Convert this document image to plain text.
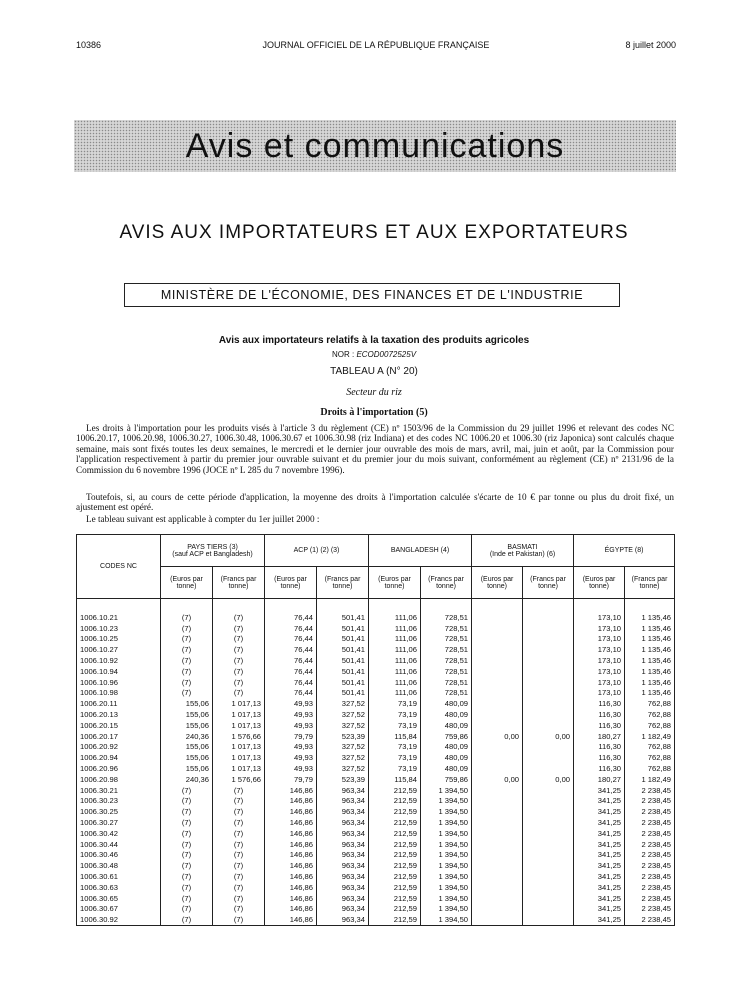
10386	JOURNAL OFFICIEL DE LA RÉPUBLIQUE FRANÇAISE	8 juillet 2000
Avis et communications
AVIS AUX IMPORTATEURS ET AUX EXPORTATEURS
MINISTÈRE DE L'ÉCONOMIE, DES FINANCES ET DE L'INDUSTRIE
Avis aux importateurs relatifs à la taxation des produits agricoles
NOR : ECOD0072525V
TABLEAU A (N° 20)
Secteur du riz
Droits à l'importation (5)

Les droits à l'importation pour les produits visés à l'article 3 du règlement (CE) nº 1503/96 de la Commission du 29 juillet 1996 et relevant des codes NC 1006.20.17, 1006.20.98, 1006.30.27, 1006.30.48, 1006.30.67 et 1006.30.98 (riz Indiana) et des codes NC 1006.20 et 1006.30 (riz Japonica) sont calculés chaque semaine, mais sont fixés toutes les deux semaines, le mercredi et le dernier jour ouvrable des mois de mars, avril, mai, juin et août, par la Commission pour l'application respectivement à partir du premier jour ouvrable suivant et du premier jour du mois suivant, conformément au règlement (CE) nº 2131/96 de la Commission du 6 novembre 1996 (JOCE nº L 285 du 7 novembre 1996).

Toutefois, si, au cours de cette période d'application, la moyenne des droits à l'importation calculée s'écarte de 10 € par tonne ou plus du droit fixé, un ajustement est opéré.

Le tableau suivant est applicable à compter du 1er juillet 2000 :

CODES NC	PAYS TIERS (3)
(sauf ACP et Bangladesh)		ACP (1) (2) (3)		BANGLADESH (4)		BASMATI
(Inde et Pakistan) (6)		ÉGYPTE (8)	
	(Euros par tonne)	(Francs par tonne)	(Euros par tonne)	(Francs par tonne)	(Euros par tonne)	(Francs par tonne)	(Euros par tonne)	(Francs par tonne)	(Euros par tonne)	(Francs par tonne)

1006.10.21	(7)	(7)	76,44	501,41	111,06	728,51			173,10	1 135,46
1006.10.23	(7)	(7)	76,44	501,41	111,06	728,51			173,10	1 135,46
1006.10.25	(7)	(7)	76,44	501,41	111,06	728,51			173,10	1 135,46
1006.10.27	(7)	(7)	76,44	501,41	111,06	728,51			173,10	1 135,46
1006.10.92	(7)	(7)	76,44	501,41	111,06	728,51			173,10	1 135,46
1006.10.94	(7)	(7)	76,44	501,41	111,06	728,51			173,10	1 135,46
1006.10.96	(7)	(7)	76,44	501,41	111,06	728,51			173,10	1 135,46
1006.10.98	(7)	(7)	76,44	501,41	111,06	728,51			173,10	1 135,46
1006.20.11	155,06	1 017,13	49,93	327,52	73,19	480,09			116,30	762,88
1006.20.13	155,06	1 017,13	49,93	327,52	73,19	480,09			116,30	762,88
1006.20.15	155,06	1 017,13	49,93	327,52	73,19	480,09			116,30	762,88
1006.20.17	240,36	1 576,66	79,79	523,39	115,84	759,86	0,00	0,00	180,27	1 182,49
1006.20.92	155,06	1 017,13	49,93	327,52	73,19	480,09			116,30	762,88
1006.20.94	155,06	1 017,13	49,93	327,52	73,19	480,09			116,30	762,88
1006.20.96	155,06	1 017,13	49,93	327,52	73,19	480,09			116,30	762,88
1006.20.98	240,36	1 576,66	79,79	523,39	115,84	759,86	0,00	0,00	180,27	1 182,49
1006.30.21	(7)	(7)	146,86	963,34	212,59	1 394,50			341,25	2 238,45
1006.30.23	(7)	(7)	146,86	963,34	212,59	1 394,50			341,25	2 238,45
1006.30.25	(7)	(7)	146,86	963,34	212,59	1 394,50			341,25	2 238,45
1006.30.27	(7)	(7)	146,86	963,34	212,59	1 394,50			341,25	2 238,45
1006.30.42	(7)	(7)	146,86	963,34	212,59	1 394,50			341,25	2 238,45
1006.30.44	(7)	(7)	146,86	963,34	212,59	1 394,50			341,25	2 238,45
1006.30.46	(7)	(7)	146,86	963,34	212,59	1 394,50			341,25	2 238,45
1006.30.48	(7)	(7)	146,86	963,34	212,59	1 394,50			341,25	2 238,45
1006.30.61	(7)	(7)	146,86	963,34	212,59	1 394,50			341,25	2 238,45
1006.30.63	(7)	(7)	146,86	963,34	212,59	1 394,50			341,25	2 238,45
1006.30.65	(7)	(7)	146,86	963,34	212,59	1 394,50			341,25	2 238,45
1006.30.67	(7)	(7)	146,86	963,34	212,59	1 394,50			341,25	2 238,45
1006.30.92	(7)	(7)	146,86	963,34	212,59	1 394,50			341,25	2 238,45
